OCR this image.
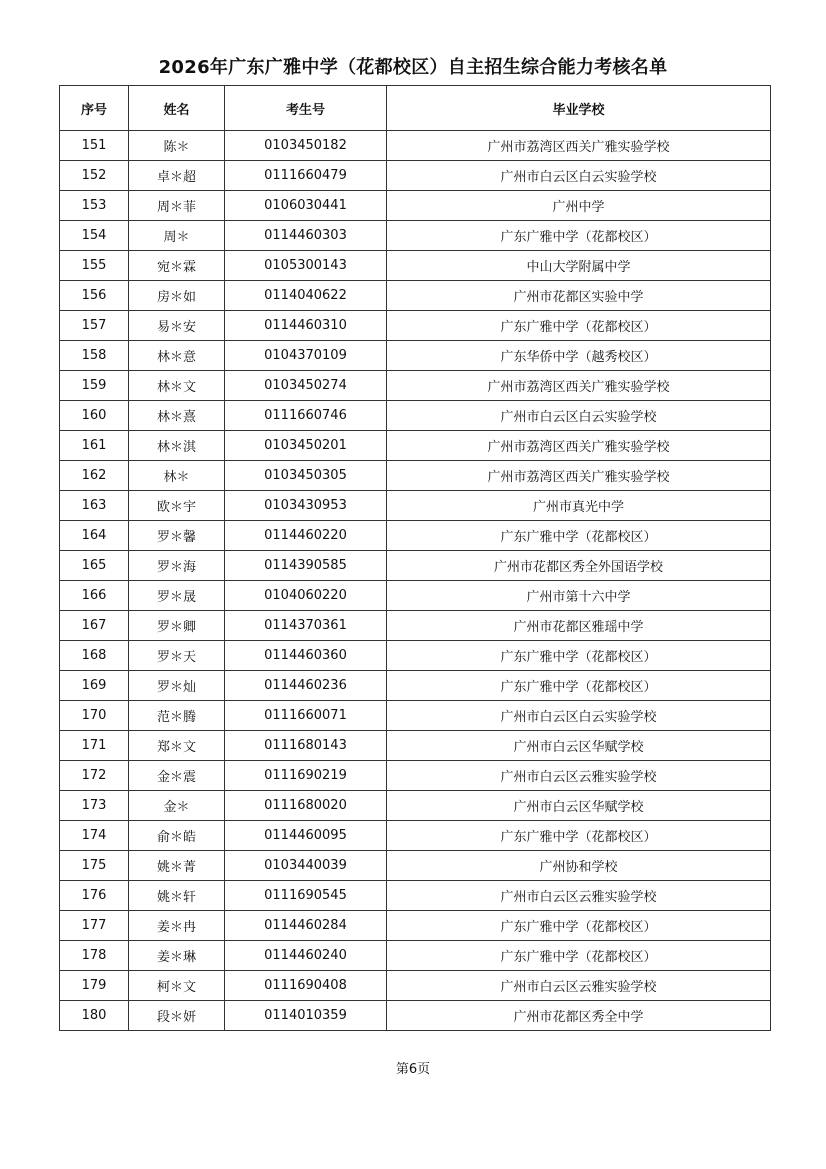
2026年广东广雅中学（花都校区）自主招生综合能力考核名单
序号	姓名	考生号	毕业学校
151	陈＊	0103450182	广州市荔湾区西关广雅实验学校
152	卓＊超	0111660479	广州市白云区白云实验学校
153	周＊菲	0106030441	广州中学
154	周＊	0114460303	广东广雅中学（花都校区）
155	宛＊霖	0105300143	中山大学附属中学
156	房＊如	0114040622	广州市花都区实验中学
157	易＊安	0114460310	广东广雅中学（花都校区）
158	林＊意	0104370109	广东华侨中学（越秀校区）
159	林＊文	0103450274	广州市荔湾区西关广雅实验学校
160	林＊熹	0111660746	广州市白云区白云实验学校
161	林＊淇	0103450201	广州市荔湾区西关广雅实验学校
162	林＊	0103450305	广州市荔湾区西关广雅实验学校
163	欧＊宇	0103430953	广州市真光中学
164	罗＊馨	0114460220	广东广雅中学（花都校区）
165	罗＊海	0114390585	广州市花都区秀全外国语学校
166	罗＊晟	0104060220	广州市第十六中学
167	罗＊卿	0114370361	广州市花都区雅瑶中学
168	罗＊天	0114460360	广东广雅中学（花都校区）
169	罗＊灿	0114460236	广东广雅中学（花都校区）
170	范＊腾	0111660071	广州市白云区白云实验学校
171	郑＊文	0111680143	广州市白云区华赋学校
172	金＊震	0111690219	广州市白云区云雅实验学校
173	金＊	0111680020	广州市白云区华赋学校
174	俞＊皓	0114460095	广东广雅中学（花都校区）
175	姚＊菁	0103440039	广州协和学校
176	姚＊轩	0111690545	广州市白云区云雅实验学校
177	姜＊冉	0114460284	广东广雅中学（花都校区）
178	姜＊琳	0114460240	广东广雅中学（花都校区）
179	柯＊文	0111690408	广州市白云区云雅实验学校
180	段＊妍	0114010359	广州市花都区秀全中学
第6页
